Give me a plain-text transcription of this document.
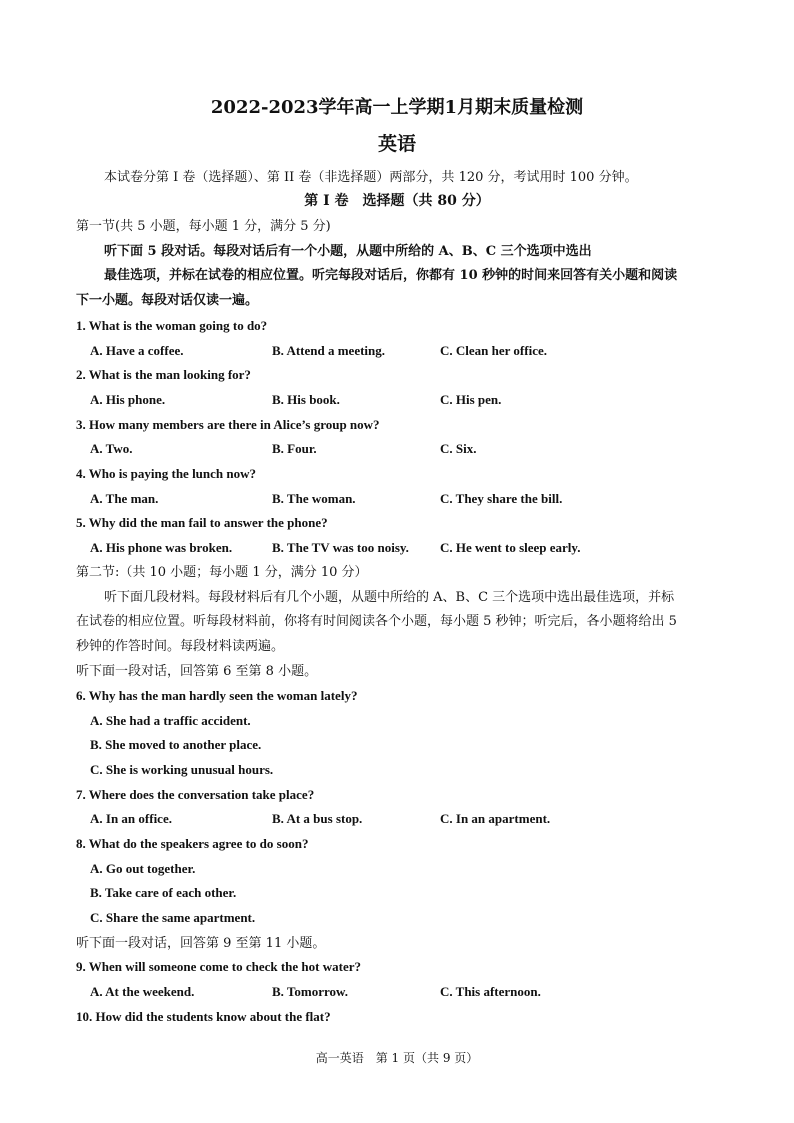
2022-2023学年高一上学期1月期末质量检测
英语
本试卷分第 I 卷（选择题）、第 II 卷（非选择题）两部分，共 120 分，考试用时 100 分钟。
第 I 卷　选择题（共 80 分）
第一节(共 5 小题，每小题 1 分，满分 5 分)
听下面 5 段对话。每段对话后有一个小题，从题中所给的 A、B、C 三个选项中选出
最佳选项，并标在试卷的相应位置。听完每段对话后，你都有 10 秒钟的时间来回答有关小题和阅读
下一小题。每段对话仅读一遍。
1. What is the woman going to do?
A. Have a coffee.	B. Attend a meeting.	C. Clean her office.
2. What is the man looking for?
A. His phone.	B. His book.	C. His pen.
3. How many members are there in Alice’s group now?
A. Two.	B. Four.	C. Six.
4. Who is paying the lunch now?
A. The man.	B. The woman.	C. They share the bill.
5. Why did the man fail to answer the phone?
A. His phone was broken.	B. The TV was too noisy. C. He went to sleep early.
第二节:（共 10 小题；每小题 1 分，满分 10 分）
听下面几段材料。每段材料后有几个小题，从题中所给的 A、B、C 三个选项中选出最佳选项，并标
在试卷的相应位置。听每段材料前，你将有时间阅读各个小题，每小题 5 秒钟；听完后，各小题将给出 5
秒钟的作答时间。每段材料读两遍。
听下面一段对话，回答第 6 至第 8 小题。
6. Why has the man hardly seen the woman lately?
A. She had a traffic accident.
B. She moved to another place.
C. She is working unusual hours.
7. Where does the conversation take place?
A. In an office.	B. At a bus stop.	C. In an apartment.
8. What do the speakers agree to do soon?
A. Go out together.
B. Take care of each other.
C. Share the same apartment.
听下面一段对话，回答第 9 至第 11 小题。
9. When will someone come to check the hot water?
A. At the weekend.	B. Tomorrow.	C. This afternoon.
10. How did the students know about the flat?
高一英语　第 1 页（共 9 页）
